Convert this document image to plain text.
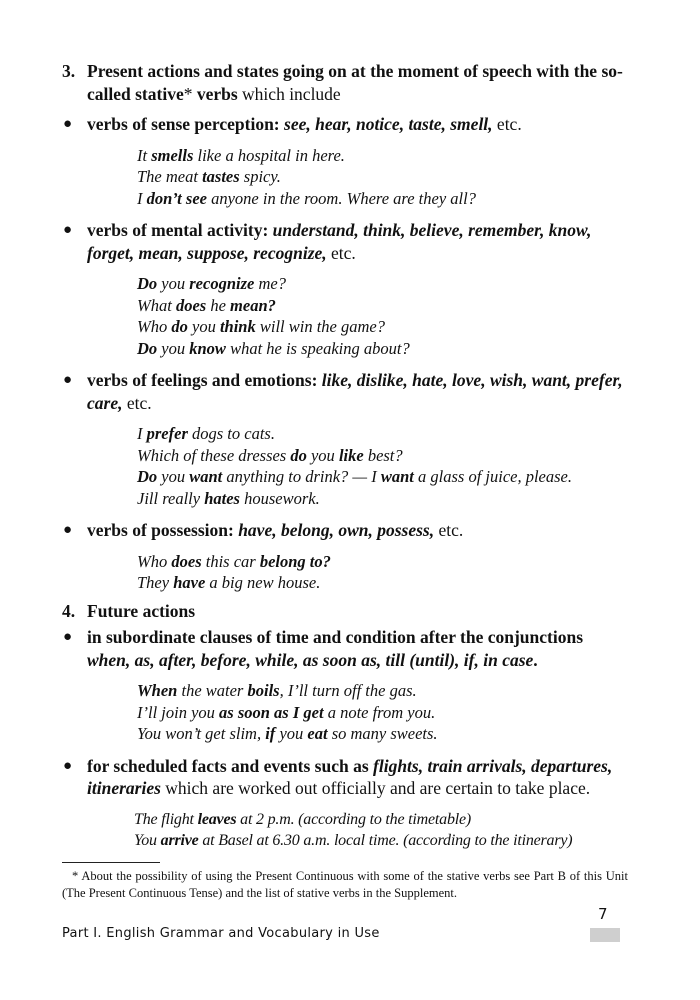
3. Present actions and states going on at the moment of speech with the so-called stative* verbs which include
● verbs of sense perception: see, hear, notice, taste, smell, etc.
It smells like a hospital in here.
The meat tastes spicy.
I don’t see anyone in the room. Where are they all?
● verbs of mental activity: understand, think, believe, remember, know, forget, mean, suppose, recognize, etc.
Do you recognize me?
What does he mean?
Who do you think will win the game?
Do you know what he is speaking about?
● verbs of feelings and emotions: like, dislike, hate, love, wish, want, prefer, care, etc.
I prefer dogs to cats.
Which of these dresses do you like best?
Do you want anything to drink? — I want a glass of juice, please.
Jill really hates housework.
● verbs of possession: have, belong, own, possess, etc.
Who does this car belong to?
They have a big new house.
4. Future actions
● in subordinate clauses of time and condition after the conjunctions when, as, after, before, while, as soon as, till (until), if, in case.
When the water boils, I’ll turn off the gas.
I’ll join you as soon as I get a note from you.
You won’t get slim, if you eat so many sweets.
● for scheduled facts and events such as flights, train arrivals, departures, itineraries which are worked out officially and are certain to take place.
The flight leaves at 2 p.m. (according to the timetable)
You arrive at Basel at 6.30 a.m. local time. (according to the itinerary)
* About the possibility of using the Present Continuous with some of the stative verbs see Part B of this Unit (The Present Continuous Tense) and the list of stative verbs in the Supplement.
7
Part I. English Grammar and Vocabulary in Use
